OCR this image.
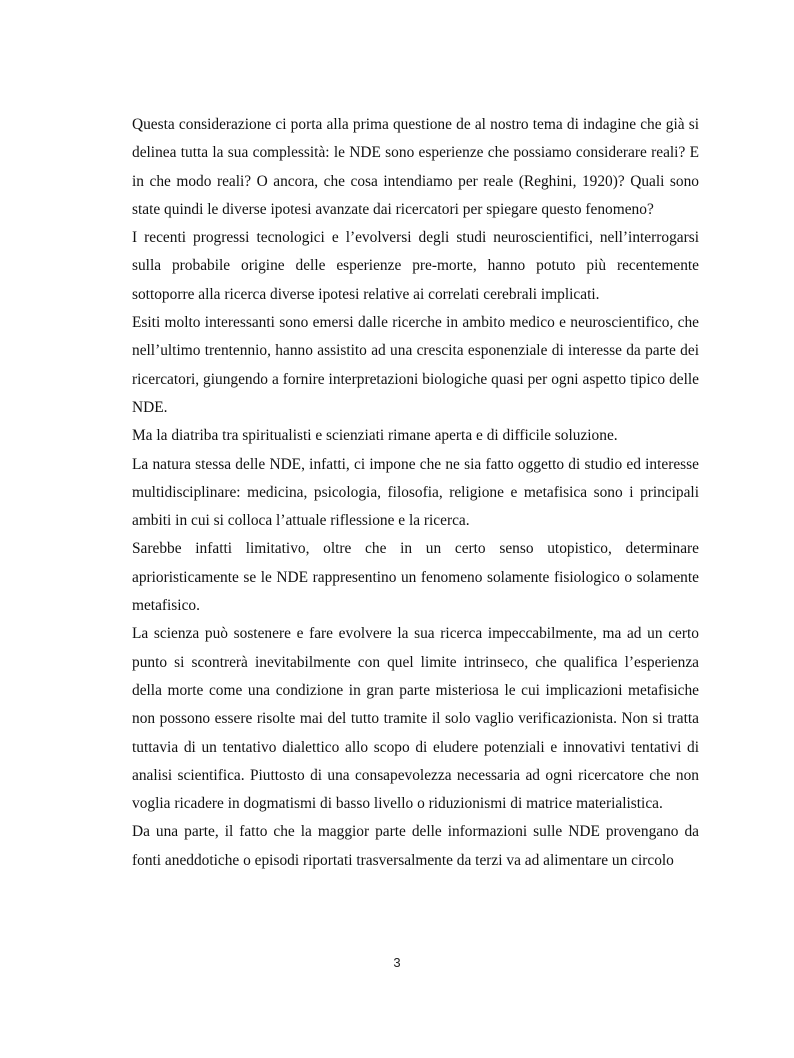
Questa considerazione ci porta alla prima questione de al nostro tema di indagine che già si delinea tutta la sua complessità: le NDE sono esperienze che possiamo considerare reali? E in che modo reali? O ancora, che cosa intendiamo per reale (Reghini, 1920)? Quali sono state quindi le diverse ipotesi avanzate dai ricercatori per spiegare questo fenomeno?

I recenti progressi tecnologici e l’evolversi degli studi neuroscientifici, nell’interrogarsi sulla probabile origine delle esperienze pre-morte, hanno potuto più recentemente sottoporre alla ricerca diverse ipotesi relative ai correlati cerebrali implicati.

Esiti molto interessanti sono emersi dalle ricerche in ambito medico e neuroscientifico, che nell’ultimo trentennio, hanno assistito ad una crescita esponenziale di interesse da parte dei ricercatori, giungendo a fornire interpretazioni biologiche quasi per ogni aspetto tipico delle NDE.

Ma la diatriba tra spiritualisti e scienziati rimane aperta e di difficile soluzione.

La natura stessa delle NDE, infatti, ci impone che ne sia fatto oggetto di studio ed interesse multidisciplinare: medicina, psicologia, filosofia, religione e metafisica sono i principali ambiti in cui si colloca l’attuale riflessione e la ricerca.

Sarebbe infatti limitativo, oltre che in un certo senso utopistico, determinare aprioristicamente se le NDE rappresentino un fenomeno solamente fisiologico o solamente metafisico.

La scienza può sostenere e fare evolvere la sua ricerca impeccabilmente, ma ad un certo punto si scontrerà inevitabilmente con quel limite intrinseco, che qualifica l’esperienza della morte come una condizione in gran parte misteriosa le cui implicazioni metafisiche non possono essere risolte mai del tutto tramite il solo vaglio verificazionista. Non si tratta tuttavia di un tentativo dialettico allo scopo di eludere potenziali e innovativi tentativi di analisi scientifica. Piuttosto di una consapevolezza necessaria ad ogni ricercatore che non voglia ricadere in dogmatismi di basso livello o riduzionismi di matrice materialistica.

Da una parte, il fatto che la maggior parte delle informazioni sulle NDE provengano da fonti aneddotiche o episodi riportati trasversalmente da terzi va ad alimentare un circolo

3
